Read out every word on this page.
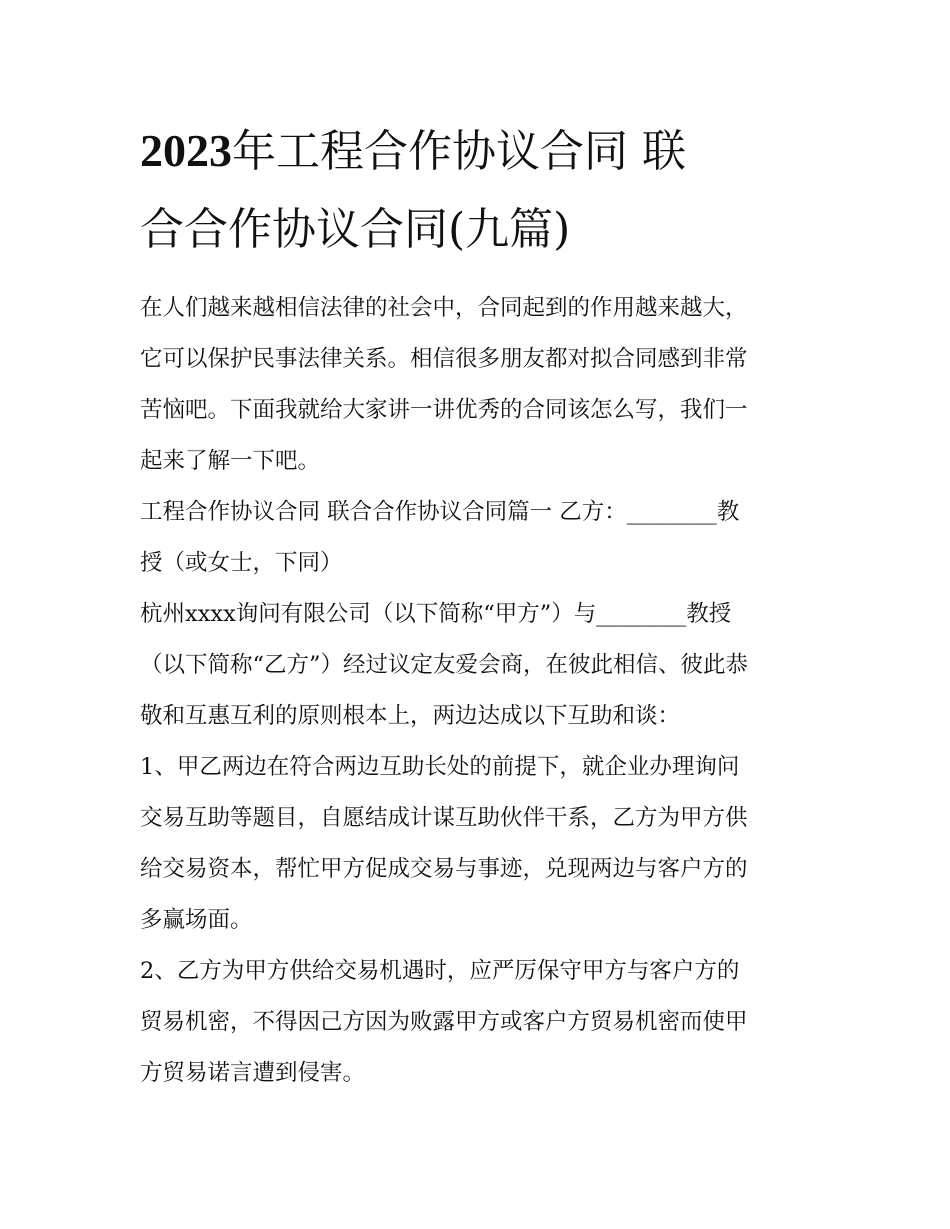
2023年工程合作协议合同 联
合合作协议合同(九篇)

在人们越来越相信法律的社会中，合同起到的作用越来越大，
它可以保护民事法律关系。相信很多朋友都对拟合同感到非常
苦恼吧。下面我就给大家讲一讲优秀的合同该怎么写，我们一
起来了解一下吧。

工程合作协议合同 联合合作协议合同篇一 乙方：________教
授（或女士，下同）

杭州xxxx询问有限公司（以下简称“甲方”）与________教授
（以下简称“乙方”）经过议定友爱会商，在彼此相信、彼此恭
敬和互惠互利的原则根本上，两边达成以下互助和谈：

1、甲乙两边在符合两边互助长处的前提下，就企业办理询问
交易互助等题目，自愿结成计谋互助伙伴干系，乙方为甲方供
给交易资本，帮忙甲方促成交易与事迹，兑现两边与客户方的
多赢场面。

2、乙方为甲方供给交易机遇时，应严厉保守甲方与客户方的
贸易机密，不得因己方因为败露甲方或客户方贸易机密而使甲
方贸易诺言遭到侵害。
